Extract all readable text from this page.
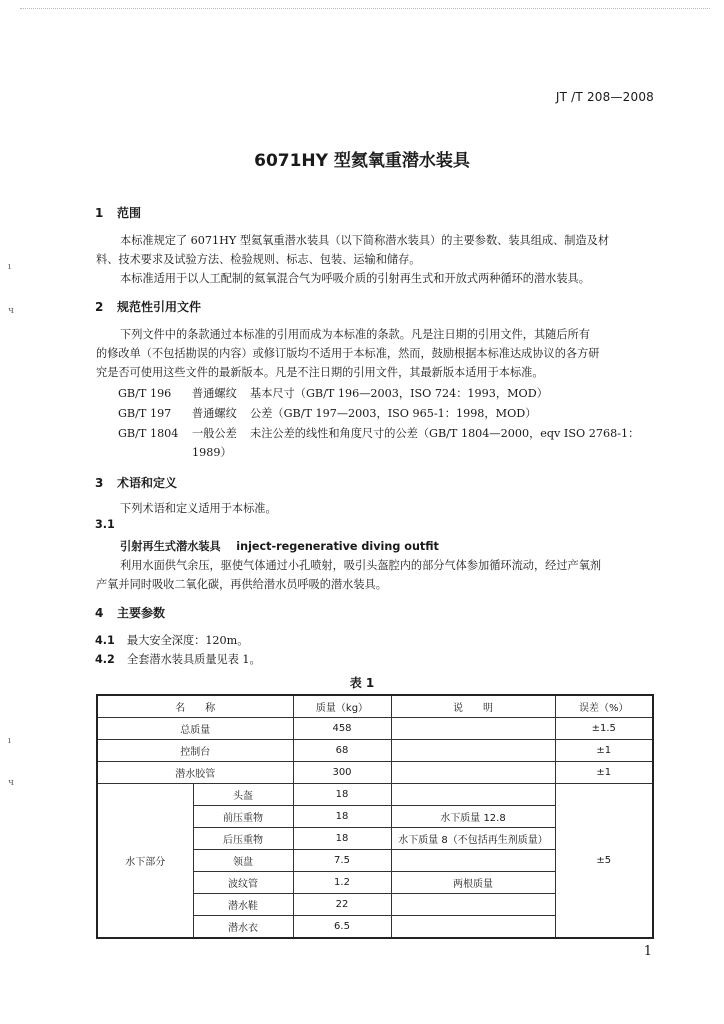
ı
ч
ı
ч
JT /T 208—2008
6071HY 型氦氧重潜水装具
1 范围
本标准规定了 6071HY 型氦氧重潜水装具（以下简称潜水装具）的主要参数、装具组成、制造及材
料、技术要求及试验方法、检验规则、标志、包装、运输和储存。
本标准适用于以人工配制的氦氧混合气为呼吸介质的引射再生式和开放式两种循环的潜水装具。
2 规范性引用文件
下列文件中的条款通过本标准的引用而成为本标准的条款。凡是注日期的引用文件，其随后所有
的修改单（不包括勘误的内容）或修订版均不适用于本标准，然而，鼓励根据本标准达成协议的各方研
究是否可使用这些文件的最新版本。凡是不注日期的引用文件，其最新版本适用于本标准。
GB/T 196 普通螺纹 基本尺寸（GB/T 196—2003，ISO 724：1993，MOD）
GB/T 197 普通螺纹 公差（GB/T 197—2003，ISO 965-1：1998，MOD）
GB/T 1804 一般公差 未注公差的线性和角度尺寸的公差（GB/T 1804—2000，eqv ISO 2768-1：
1989）
3 术语和定义
下列术语和定义适用于本标准。
3.1
引射再生式潜水装具 inject-regenerative diving outfit
利用水面供气余压，驱使气体通过小孔喷射，吸引头盔腔内的部分气体参加循环流动，经过产氧剂
产氧并同时吸收二氧化碳，再供给潜水员呼吸的潜水装具。
4 主要参数
4.1 最大安全深度：120m。
4.2 全套潜水装具质量见表 1。
表 1
名　　称		质量（kg）	说　　明	误差（%）
总质量		458		±1.5
控制台		68		±1
潜水胶管		300		±1
水下部分	头盔	18		±5
	前压重物	18	水下质量 12.8	
	后压重物	18	水下质量 8（不包括再生剂质量）	
	领盘	7.5		
	波纹管	1.2	两根质量	
	潜水鞋	22		
	潜水衣	6.5		
1
